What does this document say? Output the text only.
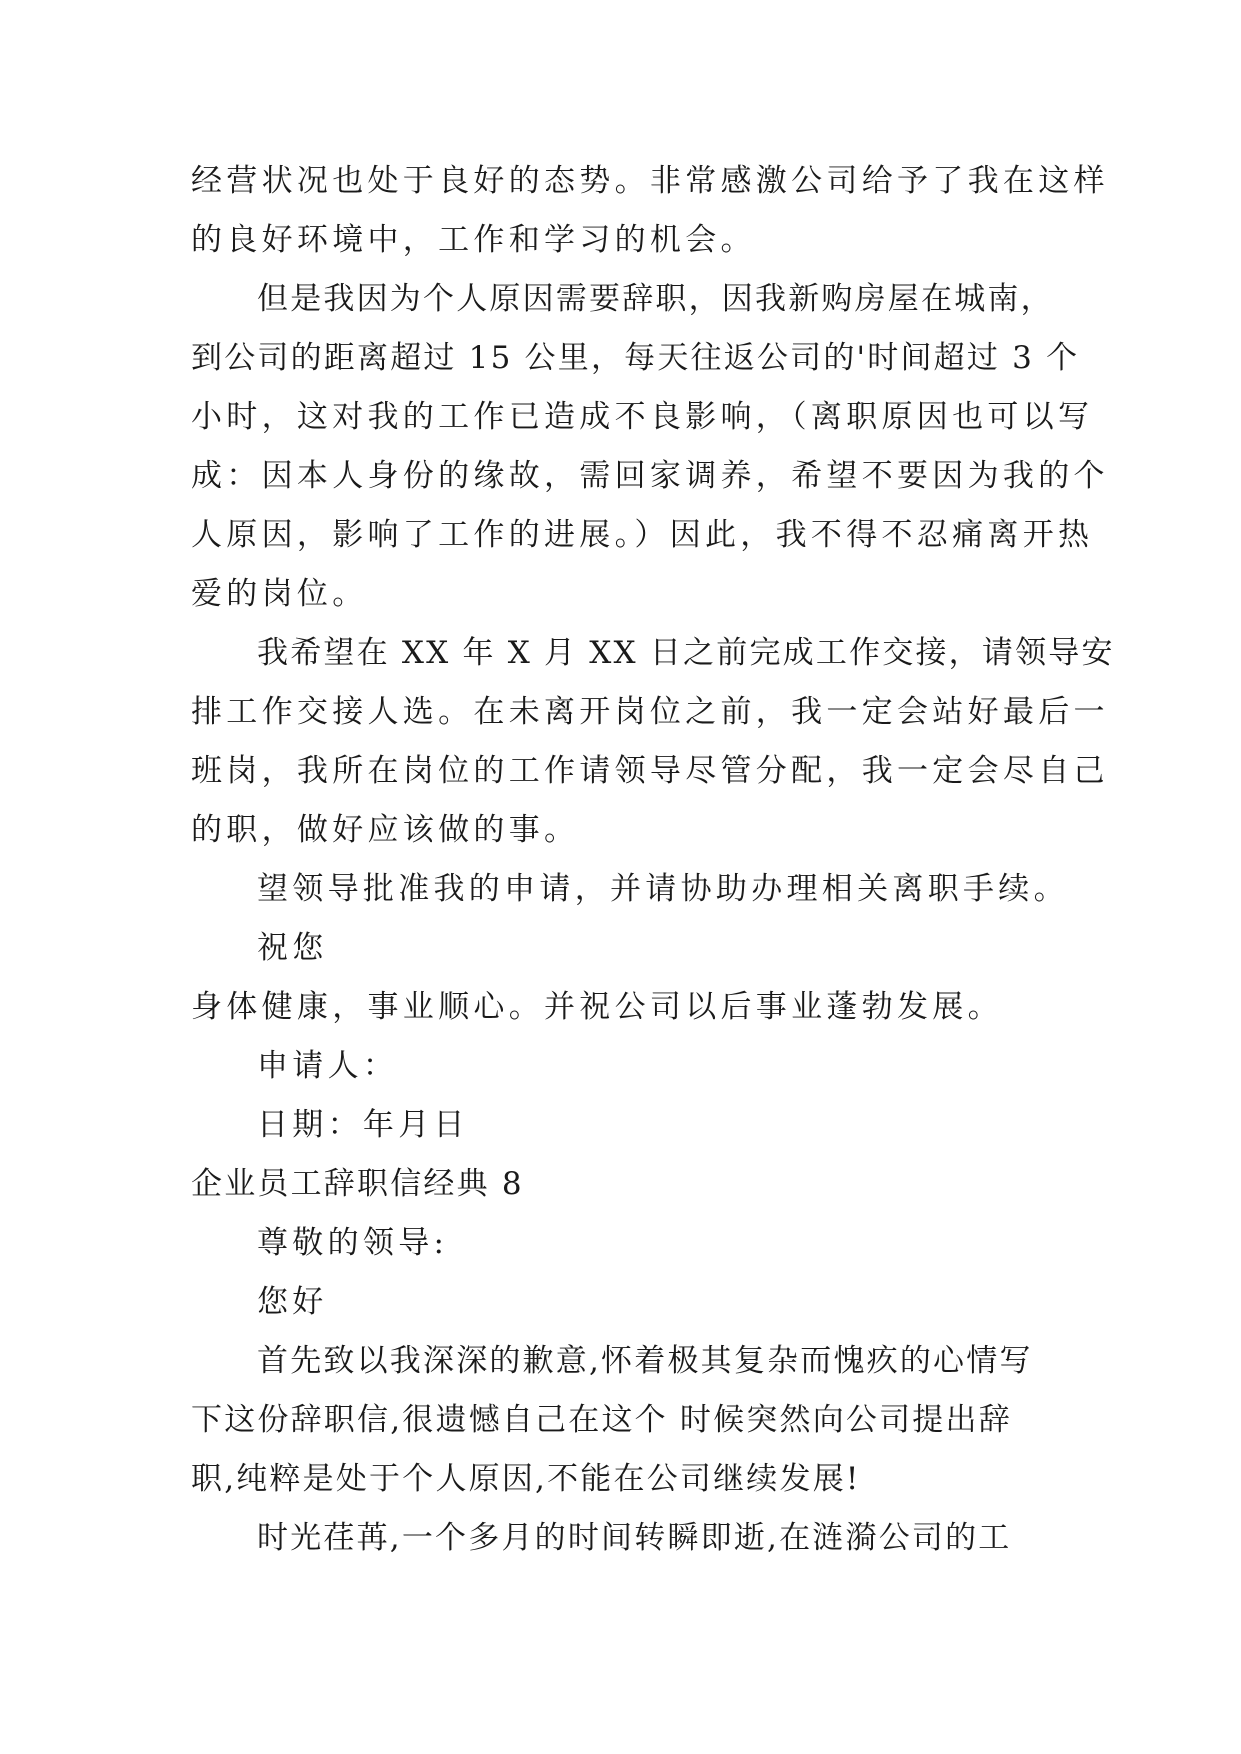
经营状况也处于良好的态势。非常感激公司给予了我在这样

的良好环境中，工作和学习的机会。

但是我因为个人原因需要辞职，因我新购房屋在城南，

到公司的距离超过 15 公里，每天往返公司的'时间超过 3 个

小时，这对我的工作已造成不良影响，（离职原因也可以写

成：因本人身份的缘故，需回家调养，希望不要因为我的个

人原因，影响了工作的进展。）因此，我不得不忍痛离开热

爱的岗位。

我希望在 XX 年 X 月 XX 日之前完成工作交接，请领导安

排工作交接人选。在未离开岗位之前，我一定会站好最后一

班岗，我所在岗位的工作请领导尽管分配，我一定会尽自己

的职，做好应该做的事。

望领导批准我的申请，并请协助办理相关离职手续。

祝您

身体健康，事业顺心。并祝公司以后事业蓬勃发展。

申请人：

日期：年月日

企业员工辞职信经典 8

尊敬的领导:

您好

首先致以我深深的歉意,怀着极其复杂而愧疚的心情写

下这份辞职信,很遗憾自己在这个 时候突然向公司提出辞

职,纯粹是处于个人原因,不能在公司继续发展!

时光荏苒,一个多月的时间转瞬即逝,在涟漪公司的工
